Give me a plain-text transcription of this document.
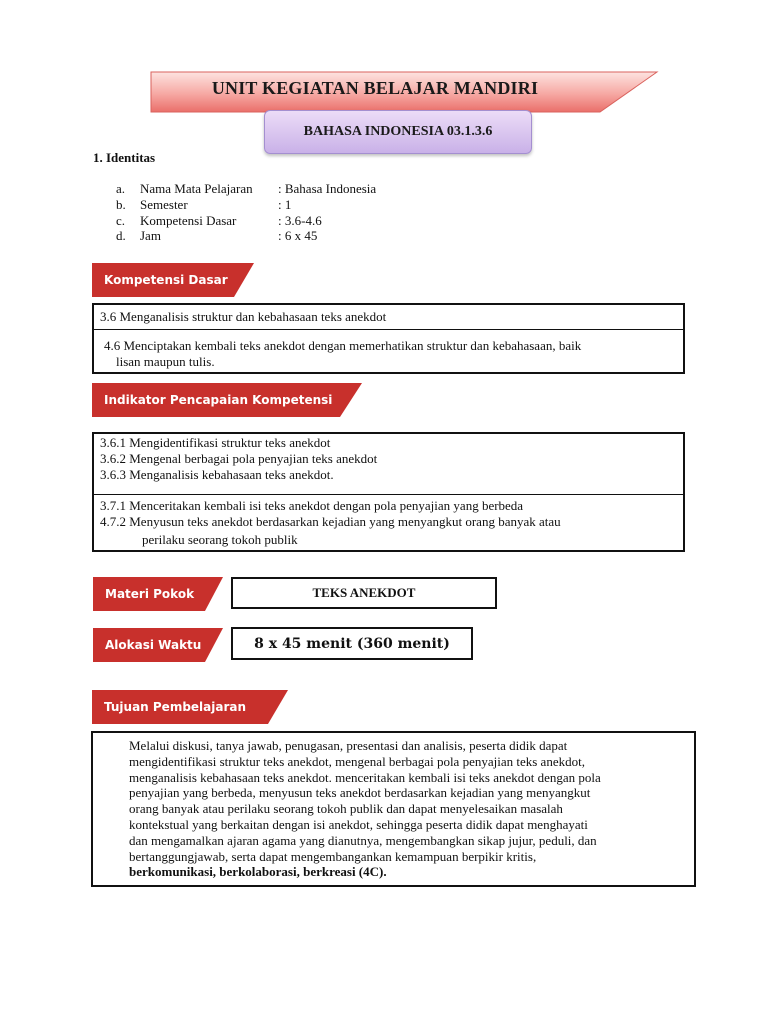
UNIT KEGIATAN BELAJAR MANDIRI
BAHASA INDONESIA 03.1.3.6
1. Identitas
a.	Nama Mata Pelajaran	: Bahasa Indonesia
b.	Semester	: 1
c.	Kompetensi Dasar	: 3.6-4.6
d.	Jam	: 6 x 45
Kompetensi Dasar
3.6 Menganalisis struktur dan kebahasaan teks anekdot
4.6 Menciptakan kembali teks anekdot dengan memerhatikan struktur dan kebahasaan, baik
lisan maupun tulis.
Indikator Pencapaian Kompetensi
3.6.1 Mengidentifikasi struktur teks anekdot
3.6.2 Mengenal berbagai pola penyajian teks anekdot
3.6.3 Menganalisis kebahasaan teks anekdot.
3.7.1 Menceritakan kembali isi teks anekdot dengan pola penyajian yang berbeda
4.7.2 Menyusun teks anekdot berdasarkan kejadian yang menyangkut orang banyak atau
perilaku seorang tokoh publik
Materi Pokok	TEKS ANEKDOT
Alokasi Waktu	8 x 45 menit (360 menit)
Tujuan Pembelajaran
Melalui diskusi, tanya jawab, penugasan, presentasi dan analisis, peserta didik dapat
mengidentifikasi struktur teks anekdot, mengenal berbagai pola penyajian teks anekdot,
menganalisis kebahasaan teks anekdot. menceritakan kembali isi teks anekdot dengan pola
penyajian yang berbeda, menyusun teks anekdot berdasarkan kejadian yang menyangkut
orang banyak atau perilaku seorang tokoh publik dan dapat menyelesaikan masalah
kontekstual yang berkaitan dengan isi anekdot, sehingga peserta didik dapat menghayati
dan mengamalkan ajaran agama yang dianutnya, mengembangkan sikap jujur, peduli, dan
bertanggungjawab, serta dapat mengembangankan kemampuan berpikir kritis,
berkomunikasi, berkolaborasi, berkreasi (4C).
